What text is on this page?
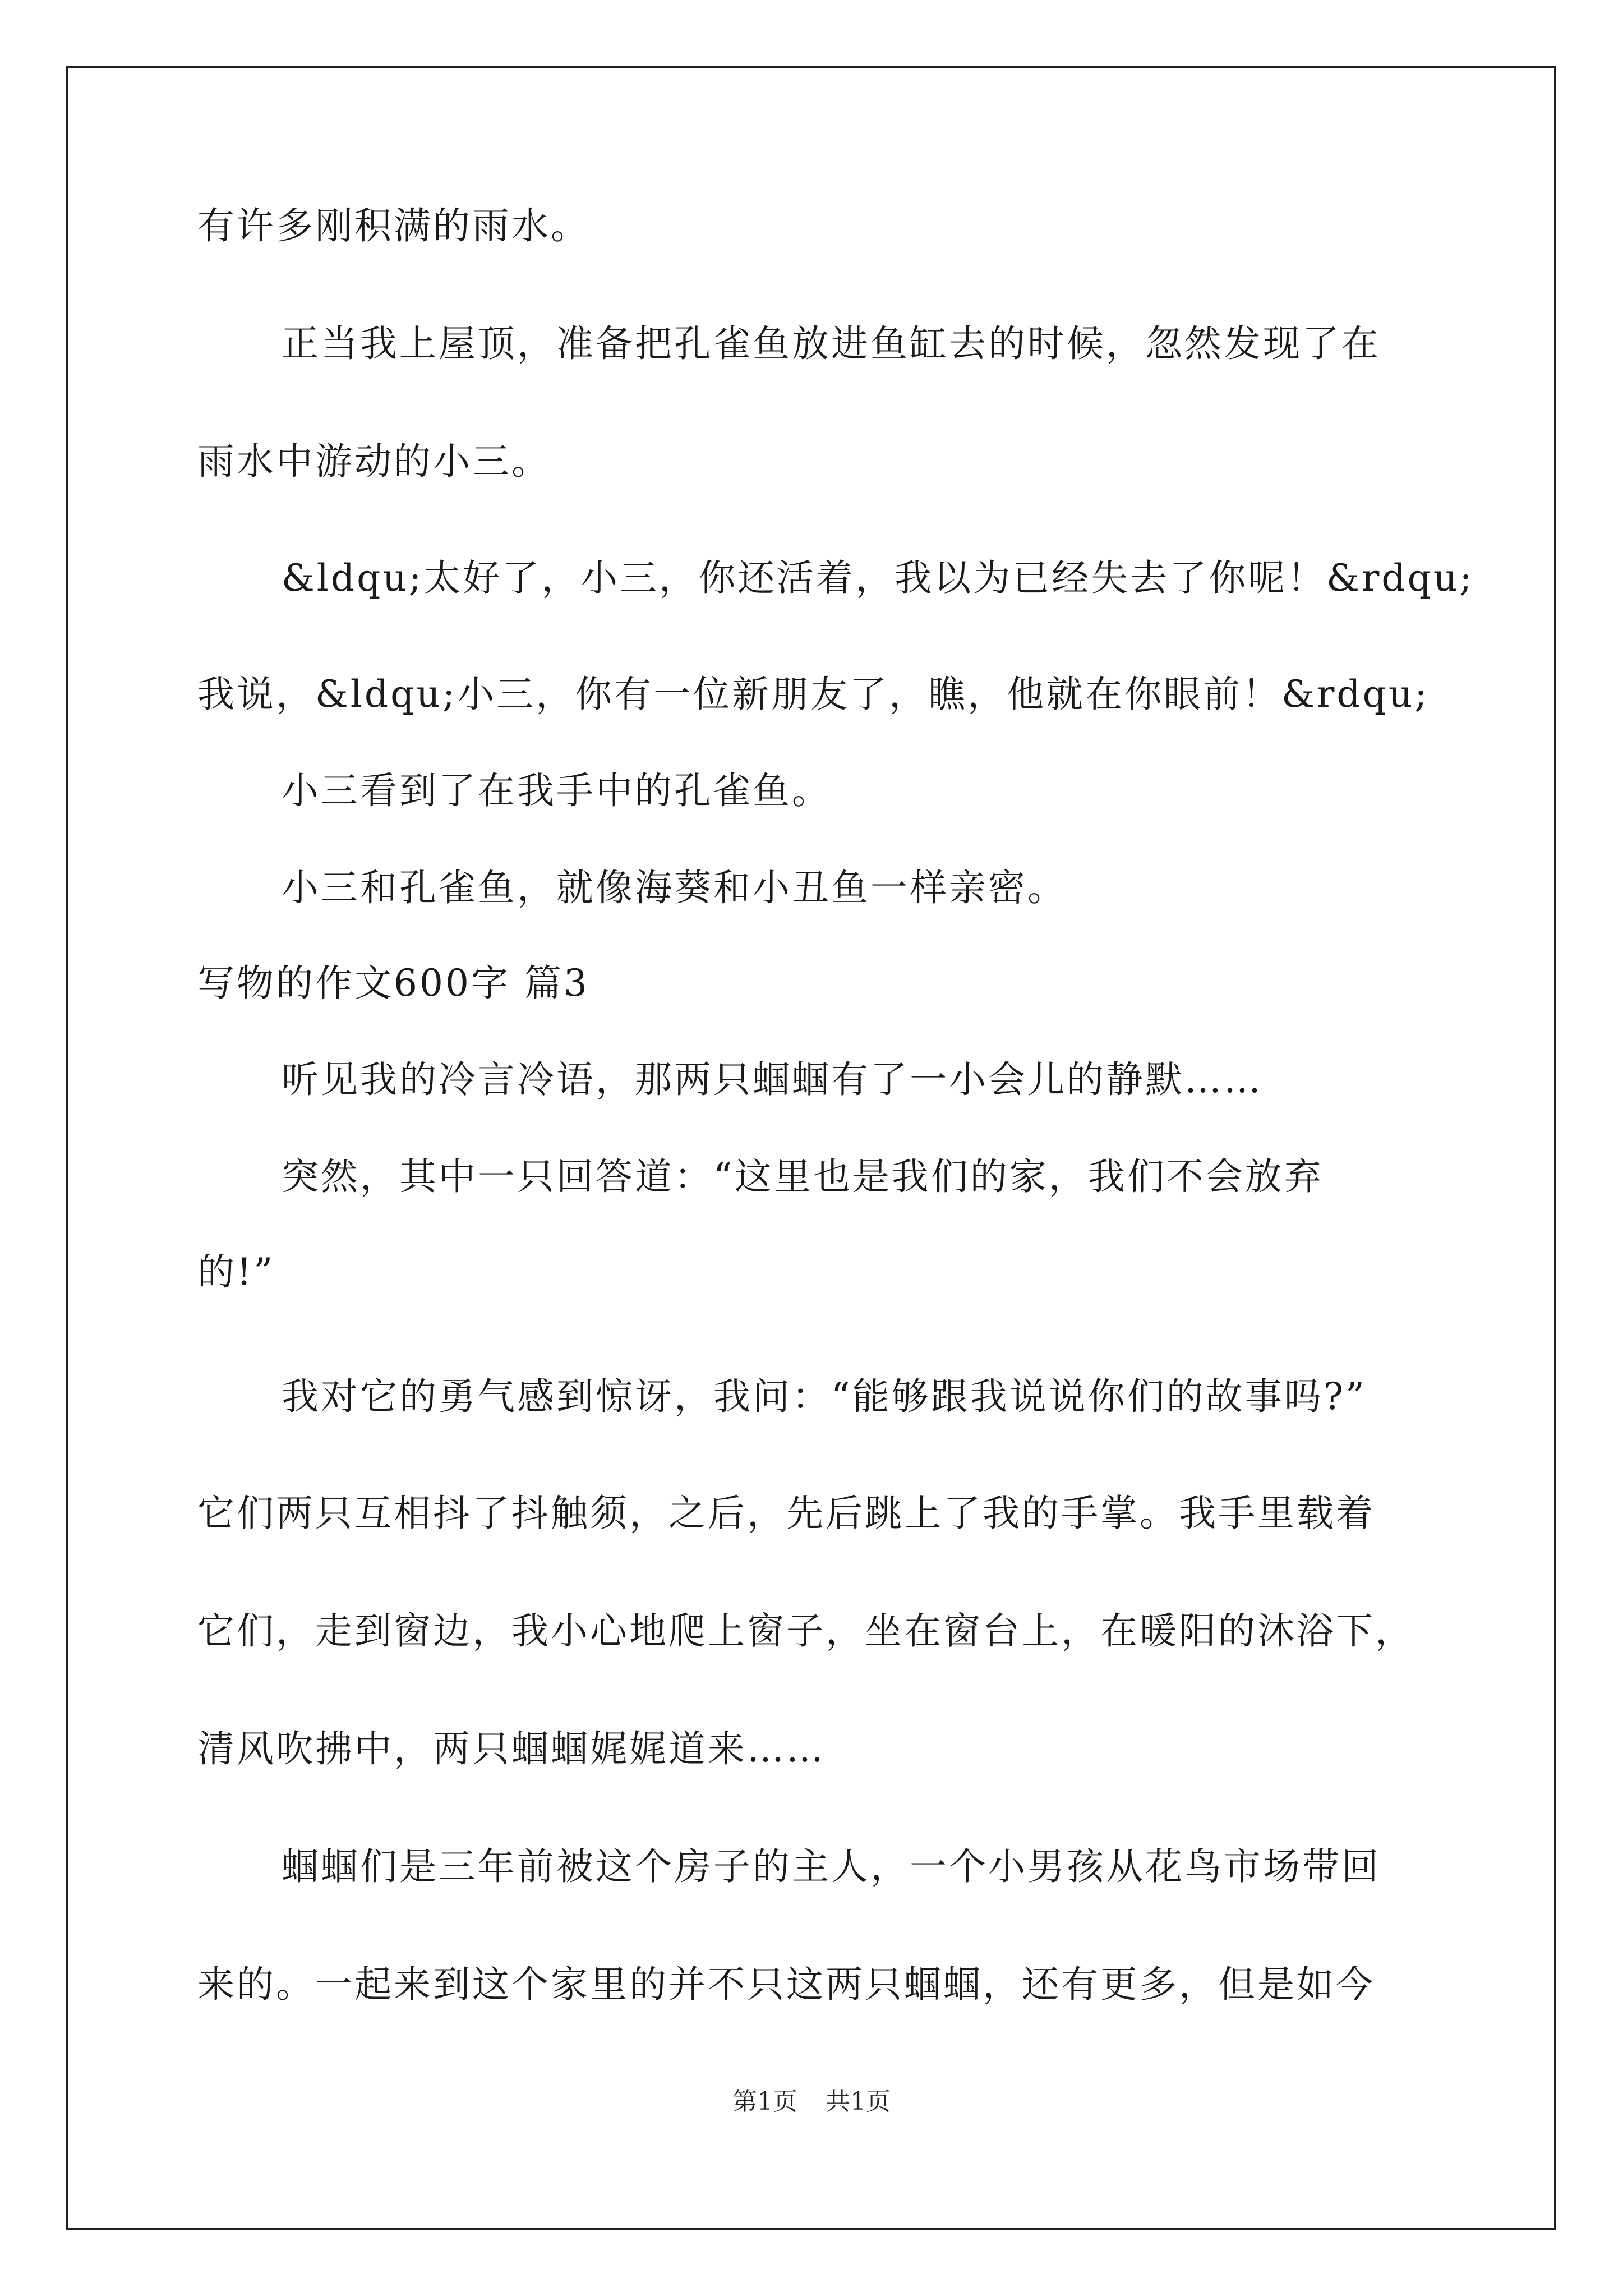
有许多刚积满的雨水。
正当我上屋顶，准备把孔雀鱼放进鱼缸去的时候，忽然发现了在
雨水中游动的小三。
&ldqu;太好了，小三，你还活着，我以为已经失去了你呢！&rdqu;
我说，&ldqu;小三，你有一位新朋友了，瞧，他就在你眼前！&rdqu;
小三看到了在我手中的孔雀鱼。
小三和孔雀鱼，就像海葵和小丑鱼一样亲密。
写物的作文600字 篇3
听见我的冷言冷语，那两只蝈蝈有了一小会儿的静默……
突然，其中一只回答道：“这里也是我们的家，我们不会放弃
的!”
我对它的勇气感到惊讶，我问：“能够跟我说说你们的故事吗?”
它们两只互相抖了抖触须，之后，先后跳上了我的手掌。我手里载着
它们，走到窗边，我小心地爬上窗子，坐在窗台上，在暖阳的沐浴下，
清风吹拂中，两只蝈蝈娓娓道来……
蝈蝈们是三年前被这个房子的主人，一个小男孩从花鸟市场带回
来的。一起来到这个家里的并不只这两只蝈蝈，还有更多，但是如今
第1页 共1页
